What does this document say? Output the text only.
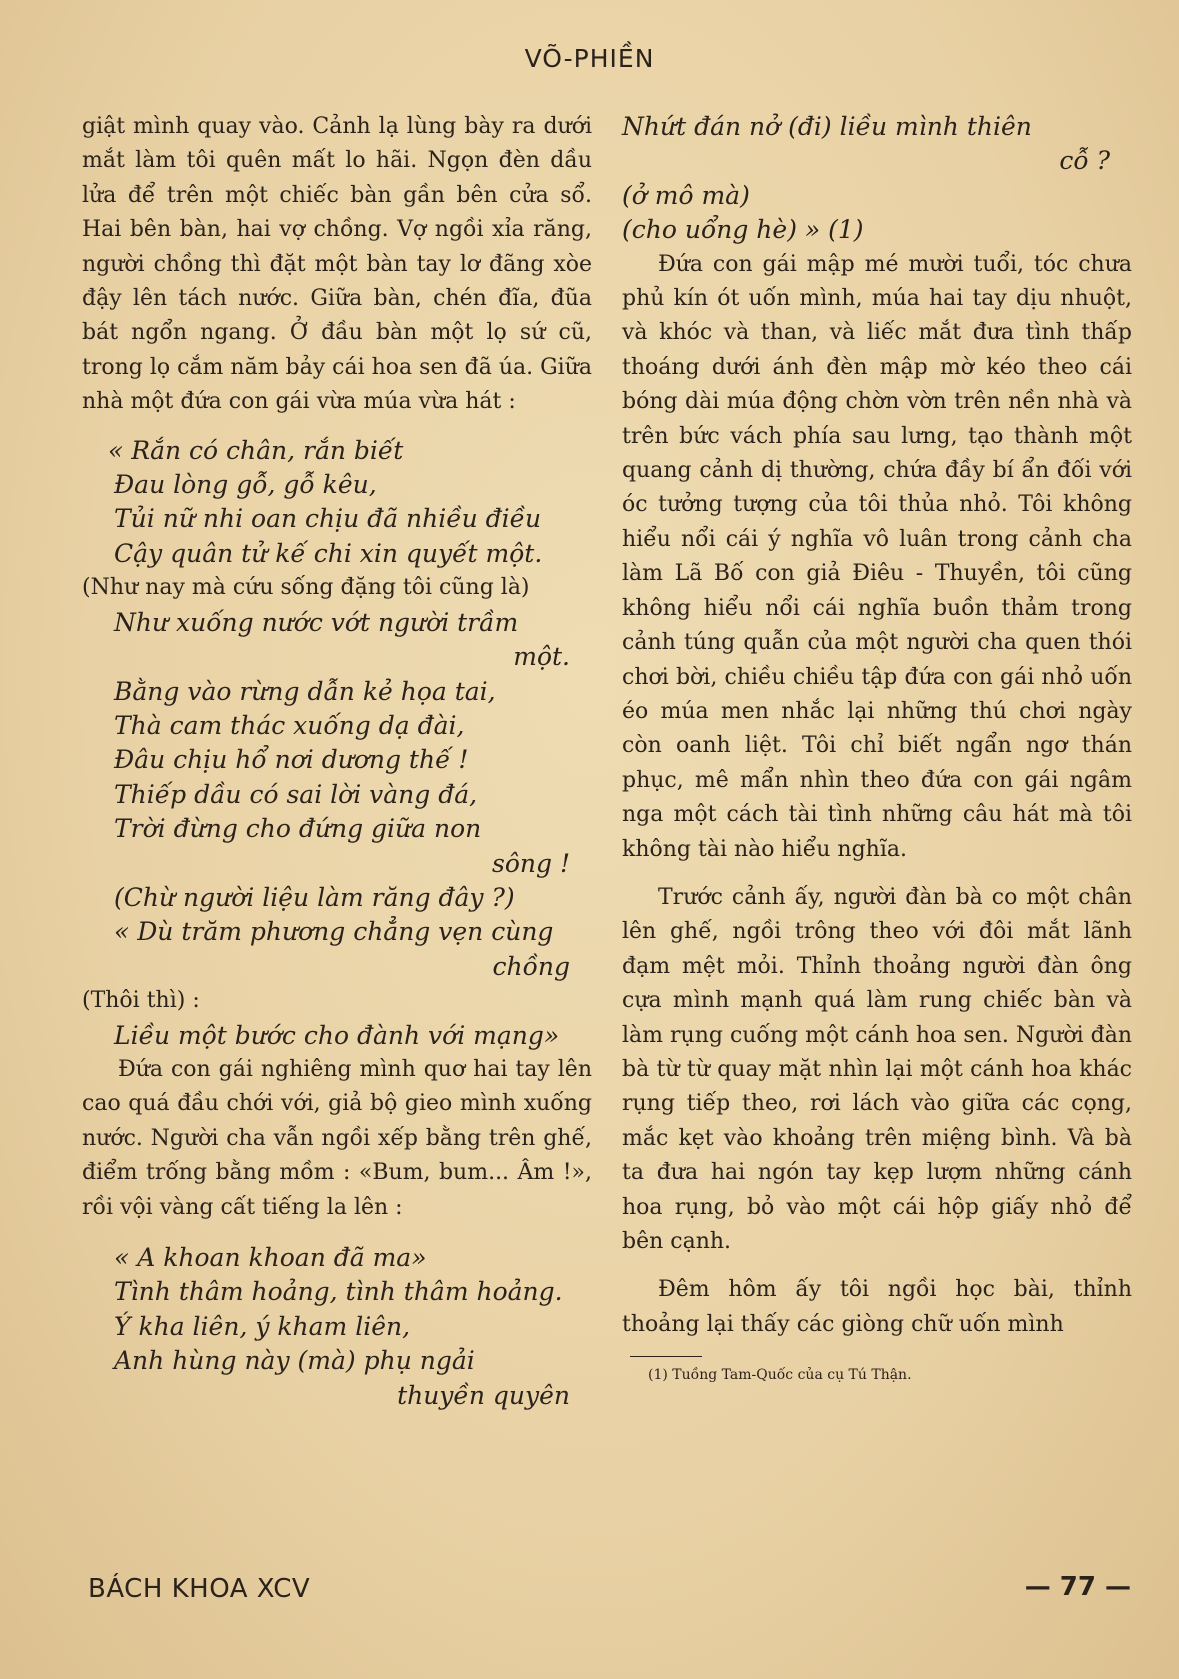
VÕ-PHIỀN

giật mình quay vào. Cảnh lạ lùng bày ra dưới mắt làm tôi quên mất lo hãi. Ngọn đèn dầu lửa để trên một chiếc bàn gần bên cửa sổ. Hai bên bàn, hai vợ chồng. Vợ ngồi xỉa răng, người chồng thì đặt một bàn tay lơ đãng xòe đậy lên tách nước. Giữa bàn, chén đĩa, đũa bát ngổn ngang. Ở đầu bàn một lọ sứ cũ, trong lọ cắm năm bảy cái hoa sen đã úa. Giữa nhà một đứa con gái vừa múa vừa hát :

« Rắn có chân, rắn biết

Đau lòng gỗ, gỗ kêu,

Tủi nữ nhi oan chịu đã nhiều điều

Cậy quân tử kế chi xin quyết một.

(Như nay mà cứu sống đặng tôi cũng là)

Như xuống nước vớt người trầm

một.

Bằng vào rừng dẫn kẻ họa tai,

Thà cam thác xuống dạ đài,

Đâu chịu hổ nơi dương thế !

Thiếp dầu có sai lời vàng đá,

Trời đừng cho đứng giữa non

sông !

(Chừ người liệu làm răng đây ?)

« Dù trăm phương chẳng vẹn cùng

chồng

(Thôi thì) :

Liều một bước cho đành với mạng»

Đứa con gái nghiêng mình quơ hai tay lên cao quá đầu chới với, giả bộ gieo mình xuống nước. Người cha vẫn ngồi xếp bằng trên ghế, điểm trống bằng mồm : «Bum, bum... Âm !», rồi vội vàng cất tiếng la lên :

« A khoan khoan đã ma»

Tình thâm hoảng, tình thâm hoảng.

Ý kha liên, ý kham liên,

Anh hùng này (mà) phụ ngải

thuyền quyên

Nhứt đán nở (đi) liều mình thiên

cỗ ?

(ở mô mà)

(cho uổng hè) » (1)

Đứa con gái mập mé mười tuổi, tóc chưa phủ kín ót uốn mình, múa hai tay dịu nhuột, và khóc và than, và liếc mắt đưa tình thấp thoáng dưới ánh đèn mập mờ kéo theo cái bóng dài múa động chờn vờn trên nền nhà và trên bức vách phía sau lưng, tạo thành một quang cảnh dị thường, chứa đầy bí ẩn đối với óc tưởng tượng của tôi thủa nhỏ. Tôi không hiểu nổi cái ý nghĩa vô luân trong cảnh cha làm Lã Bố con giả Điêu - Thuyền, tôi cũng không hiểu nổi cái nghĩa buồn thảm trong cảnh túng quẫn của một người cha quen thói chơi bời, chiều chiều tập đứa con gái nhỏ uốn éo múa men nhắc lại những thú chơi ngày còn oanh liệt. Tôi chỉ biết ngẩn ngơ thán phục, mê mẩn nhìn theo đứa con gái ngâm nga một cách tài tình những câu hát mà tôi không tài nào hiểu nghĩa.

Trước cảnh ấy, người đàn bà co một chân lên ghế, ngồi trông theo với đôi mắt lãnh đạm mệt mỏi. Thỉnh thoảng người đàn ông cựa mình mạnh quá làm rung chiếc bàn và làm rụng cuống một cánh hoa sen. Người đàn bà từ từ quay mặt nhìn lại một cánh hoa khác rụng tiếp theo, rơi lách vào giữa các cọng, mắc kẹt vào khoảng trên miệng bình. Và bà ta đưa hai ngón tay kẹp lượm những cánh hoa rụng, bỏ vào một cái hộp giấy nhỏ để bên cạnh.

Đêm hôm ấy tôi ngồi học bài, thỉnh thoảng lại thấy các giòng chữ uốn mình

(1) Tuồng Tam-Quốc của cụ Tú Thận.

BÁCH KHOA XCV	— 77 —
